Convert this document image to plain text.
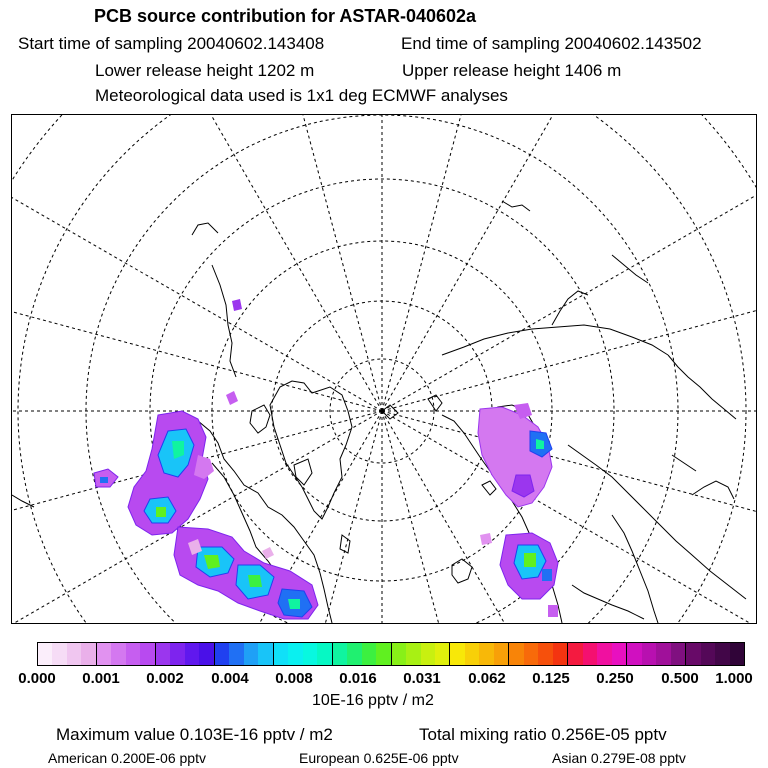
PCB source contribution for ASTAR-040602a
Start time of sampling 20040602.143408	End time of sampling 20040602.143502
Lower release height 1202 m	Upper release height 1406 m
Meteorological data used is 1x1 deg ECMWF analyses
0.000 0.001 0.002 0.004 0.008 0.016 0.031 0.062 0.125 0.250 0.500 1.000
10E-16 pptv / m2
Maximum value 0.103E-16 pptv / m2	Total mixing ratio 0.256E-05 pptv
American 0.200E-06 pptv	European 0.625E-06 pptv	Asian 0.279E-08 pptv
